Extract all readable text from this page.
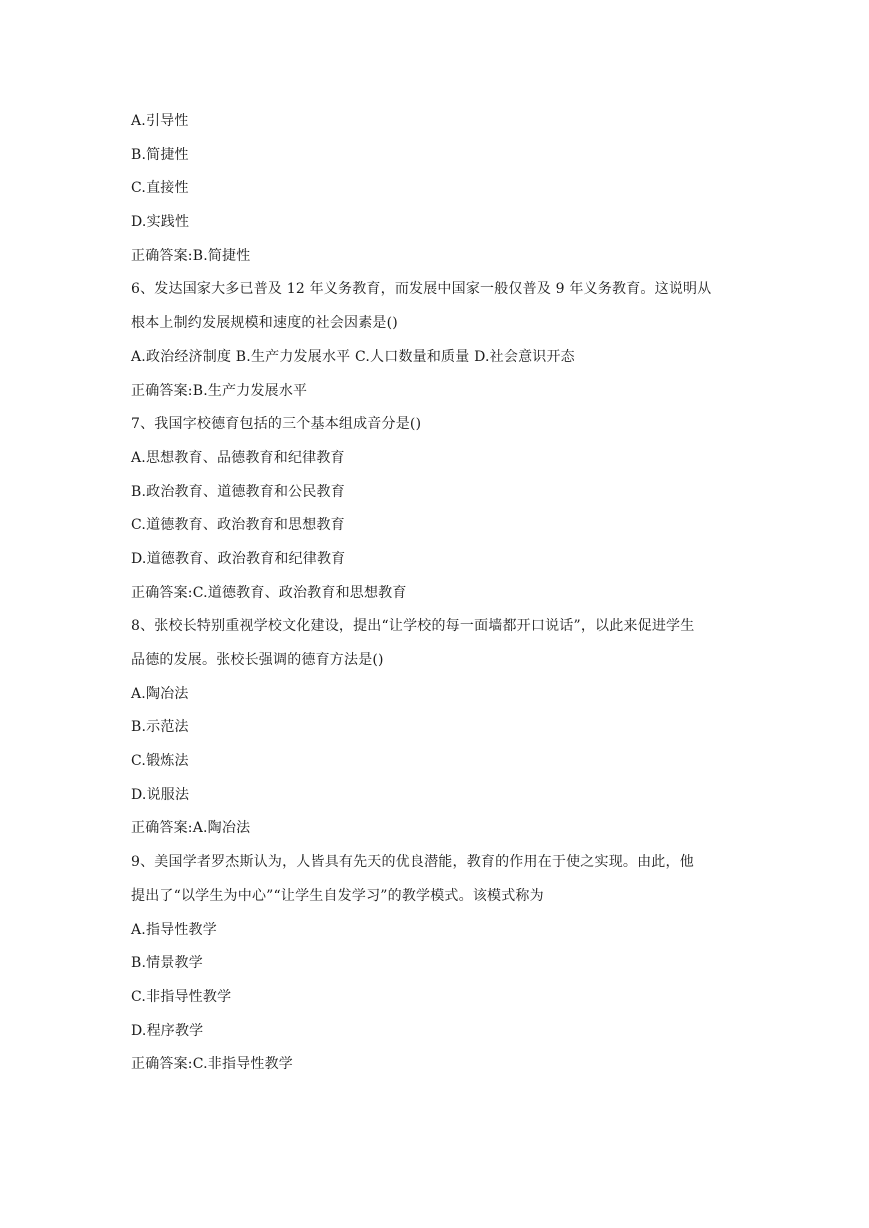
A.引导性
B.简捷性
C.直接性
D.实践性
正确答案:B.简捷性
6、发达国家大多已普及 12 年义务教育，而发展中国家一般仅普及 9 年义务教育。这说明从
根本上制约发展规模和速度的社会因素是()
A.政治经济制度 B.生产力发展水平 C.人口数量和质量 D.社会意识开态
正确答案:B.生产力发展水平
7、我国字校德育包括的三个基本组成音分是()
A.思想教育、品德教育和纪律教育
B.政治教育、道德教育和公民教育
C.道德教育、政治教育和思想教育
D.道德教育、政治教育和纪律教育
正确答案:C.道德教育、政治教育和思想教育
8、张校长特别重视学校文化建设，提出“让学校的每一面墙都开口说话”，以此来促进学生
品德的发展。张校长强调的德育方法是()
A.陶冶法
B.示范法
C.锻炼法
D.说服法
正确答案:A.陶冶法
9、美国学者罗杰斯认为，人皆具有先天的优良潜能，教育的作用在于使之实现。由此，他
提出了“以学生为中心”“让学生自发学习”的教学模式。该模式称为
A.指导性教学
B.情景教学
C.非指导性教学
D.程序教学
正确答案:C.非指导性教学
